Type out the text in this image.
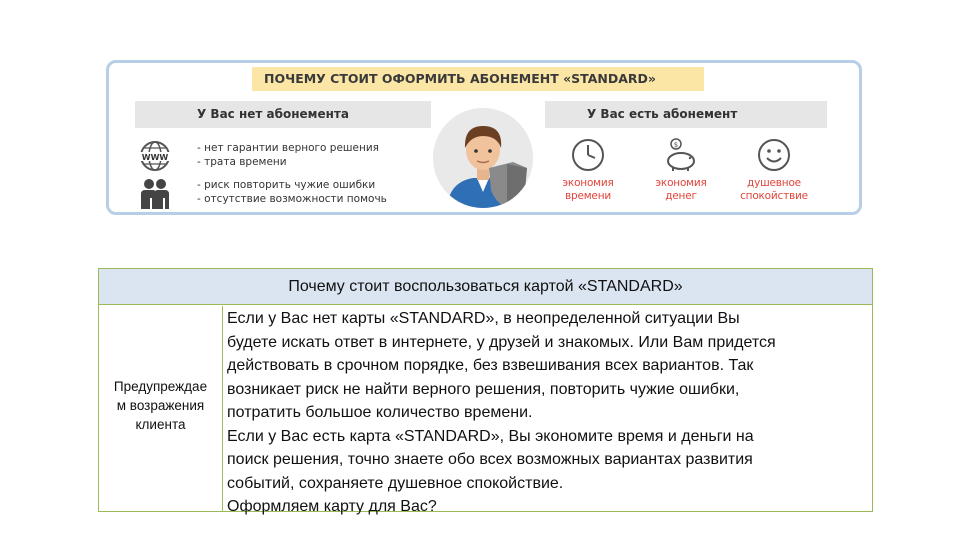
ПОЧЕМУ СТОИТ ОФОРМИТЬ АБОНЕМЕНТ «STANDARD»
У Вас нет абонемента	У Вас есть абонемент
WWW
- нет гарантии верного решения
- трата времени
- риск повторить чужие ошибки
- отсутствие возможности помочь
экономия
времени
$
экономия
денег
душевное
спокойствие
Почему стоит воспользоваться картой «STANDARD»
Предупреждае
м возражения
клиента

Если у Вас нет карты «STANDARD», в неопределенной ситуации Вы
будете искать ответ в интернете, у друзей и знакомых. Или Вам придется
действовать в срочном порядке, без взвешивания всех вариантов. Так
возникает риск не найти верного решения, повторить чужие ошибки,
потратить большое количество времени.

Если у Вас есть карта «STANDARD», Вы экономите время и деньги на
поиск решения, точно знаете обо всех возможных вариантах развития
событий, сохраняете душевное спокойствие.

Оформляем карту для Вас?
